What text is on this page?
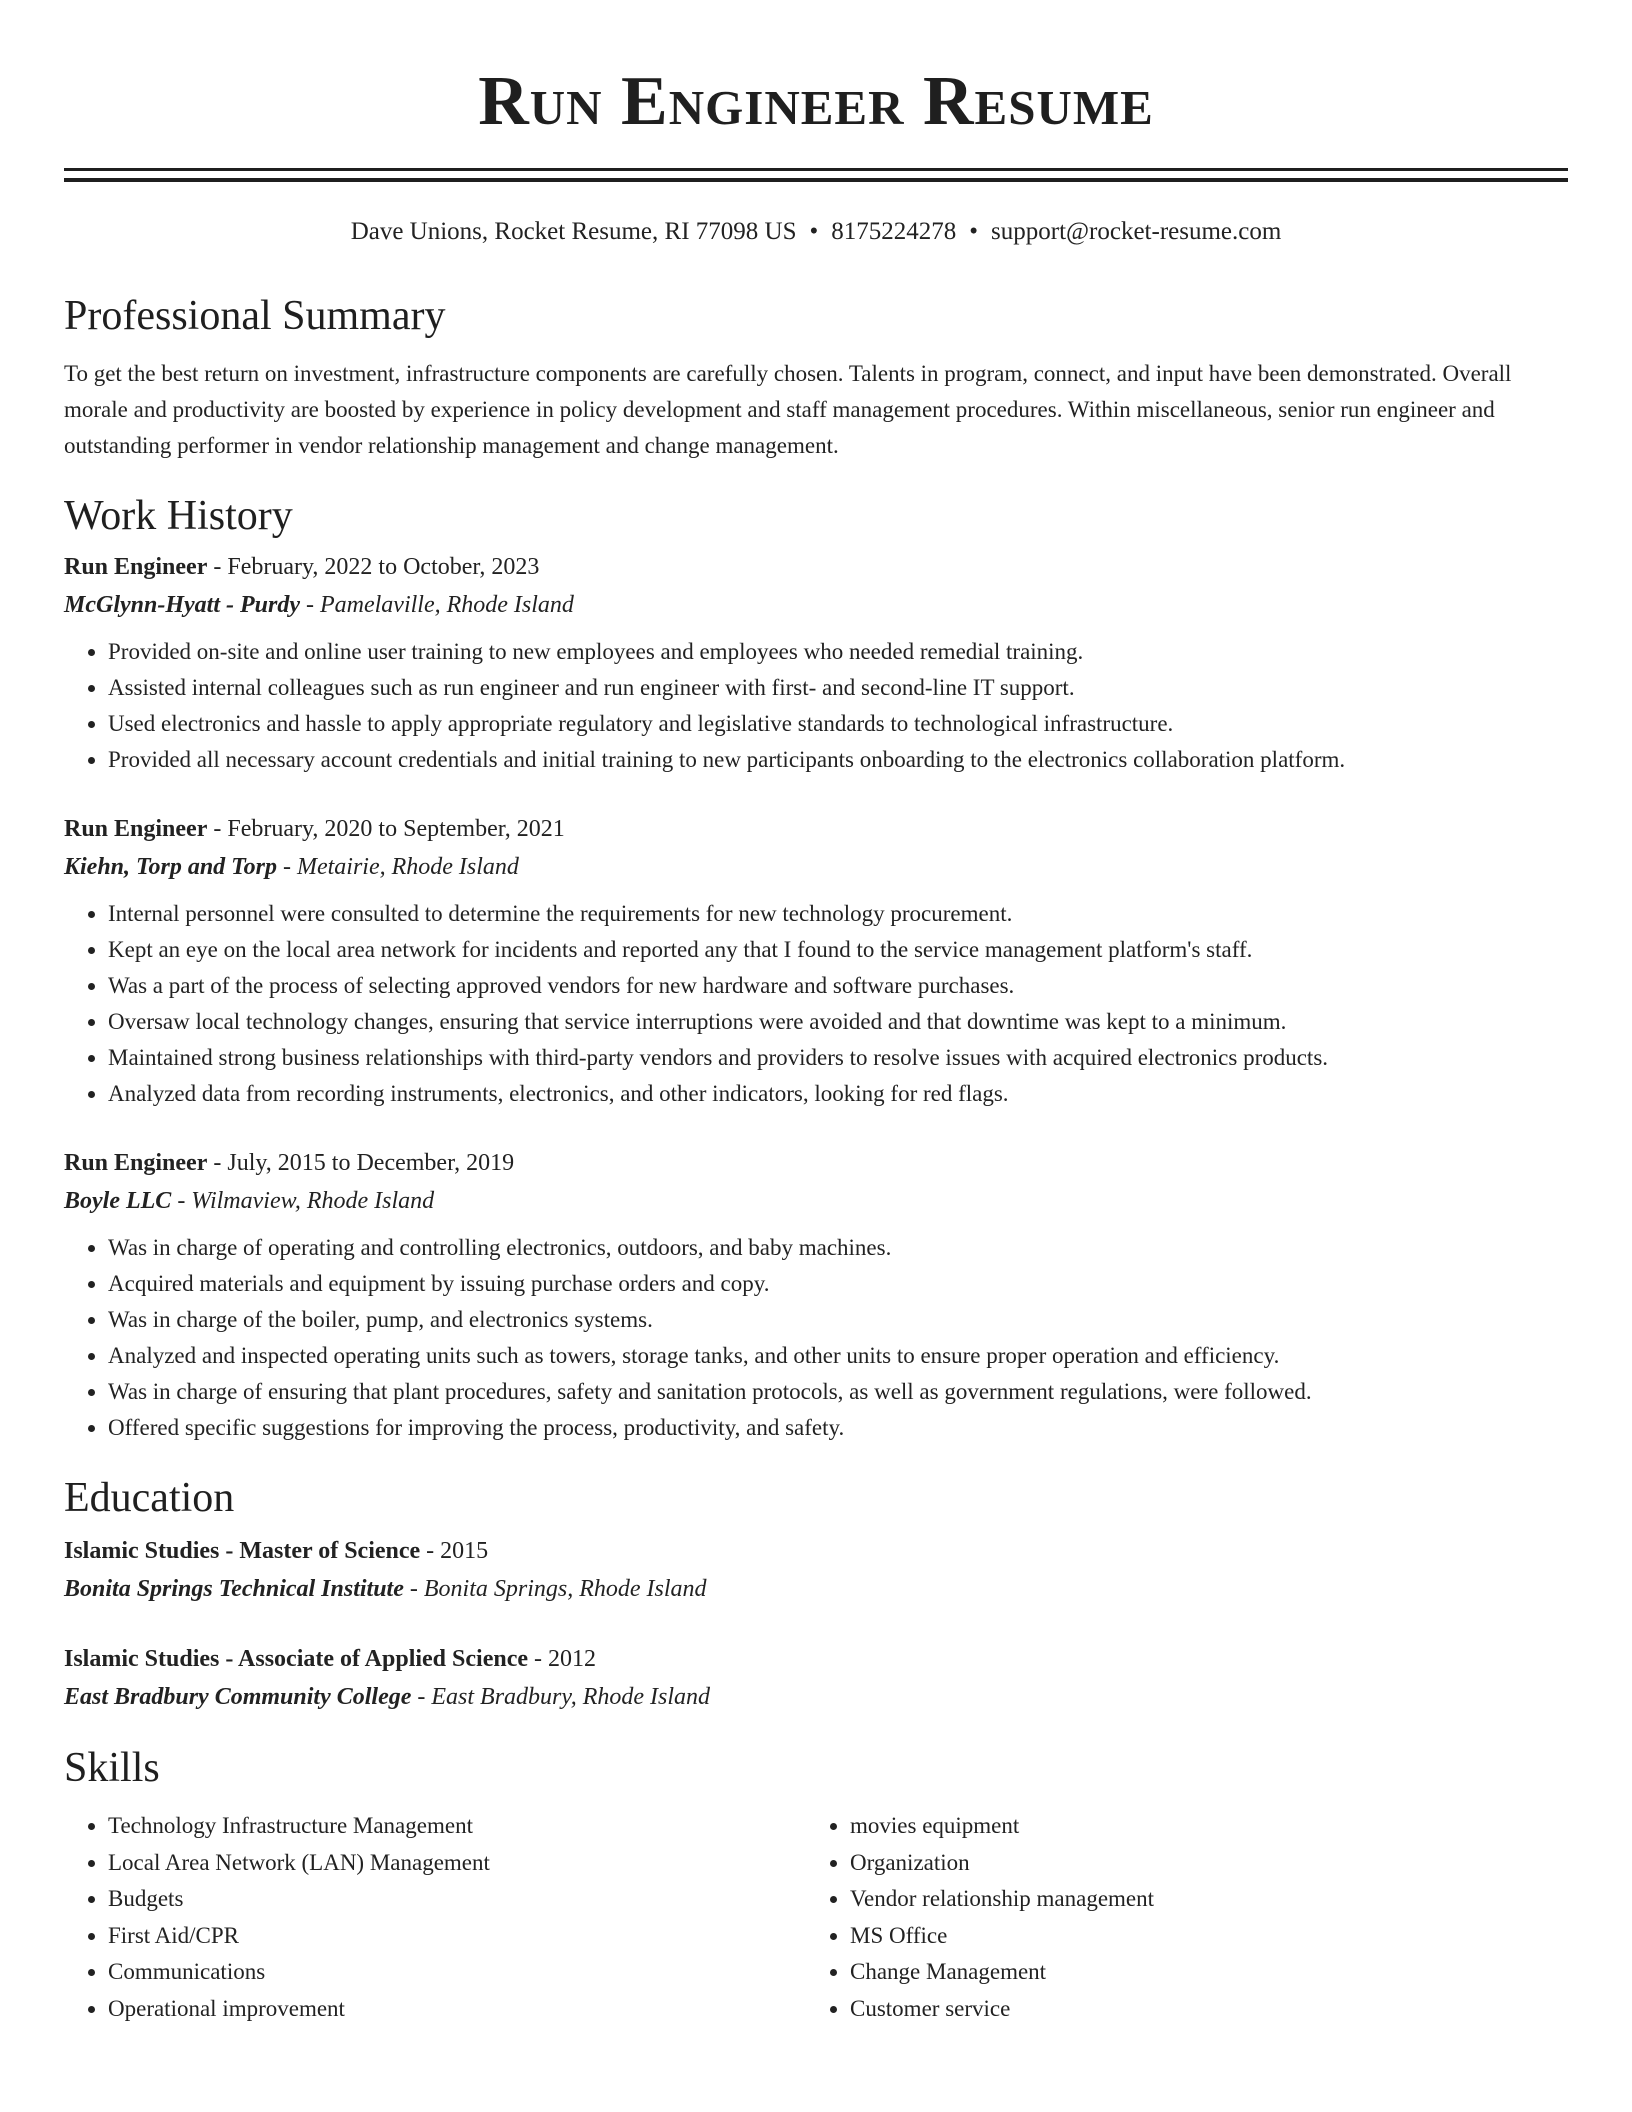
Run Engineer Resume
Dave Unions, Rocket Resume, RI 77098 US • 8175224278 • support@rocket-resume.com
Professional Summary
To get the best return on investment, infrastructure components are carefully chosen. Talents in program, connect, and input have been demonstrated. Overall morale and productivity are boosted by experience in policy development and staff management procedures. Within miscellaneous, senior run engineer and outstanding performer in vendor relationship management and change management.
Work History
Run Engineer - February, 2022 to October, 2023
McGlynn-Hyatt - Purdy - Pamelaville, Rhode Island
• Provided on-site and online user training to new employees and employees who needed remedial training.
• Assisted internal colleagues such as run engineer and run engineer with first- and second-line IT support.
• Used electronics and hassle to apply appropriate regulatory and legislative standards to technological infrastructure.
• Provided all necessary account credentials and initial training to new participants onboarding to the electronics collaboration platform.
Run Engineer - February, 2020 to September, 2021
Kiehn, Torp and Torp - Metairie, Rhode Island
• Internal personnel were consulted to determine the requirements for new technology procurement.
• Kept an eye on the local area network for incidents and reported any that I found to the service management platform's staff.
• Was a part of the process of selecting approved vendors for new hardware and software purchases.
• Oversaw local technology changes, ensuring that service interruptions were avoided and that downtime was kept to a minimum.
• Maintained strong business relationships with third-party vendors and providers to resolve issues with acquired electronics products.
• Analyzed data from recording instruments, electronics, and other indicators, looking for red flags.
Run Engineer - July, 2015 to December, 2019
Boyle LLC - Wilmaview, Rhode Island
• Was in charge of operating and controlling electronics, outdoors, and baby machines.
• Acquired materials and equipment by issuing purchase orders and copy.
• Was in charge of the boiler, pump, and electronics systems.
• Analyzed and inspected operating units such as towers, storage tanks, and other units to ensure proper operation and efficiency.
• Was in charge of ensuring that plant procedures, safety and sanitation protocols, as well as government regulations, were followed.
• Offered specific suggestions for improving the process, productivity, and safety.
Education
Islamic Studies - Master of Science - 2015
Bonita Springs Technical Institute - Bonita Springs, Rhode Island
Islamic Studies - Associate of Applied Science - 2012
East Bradbury Community College - East Bradbury, Rhode Island
Skills
• Technology Infrastructure Management
• Local Area Network (LAN) Management
• Budgets
• First Aid/CPR
• Communications
• Operational improvement
• movies equipment
• Organization
• Vendor relationship management
• MS Office
• Change Management
• Customer service
